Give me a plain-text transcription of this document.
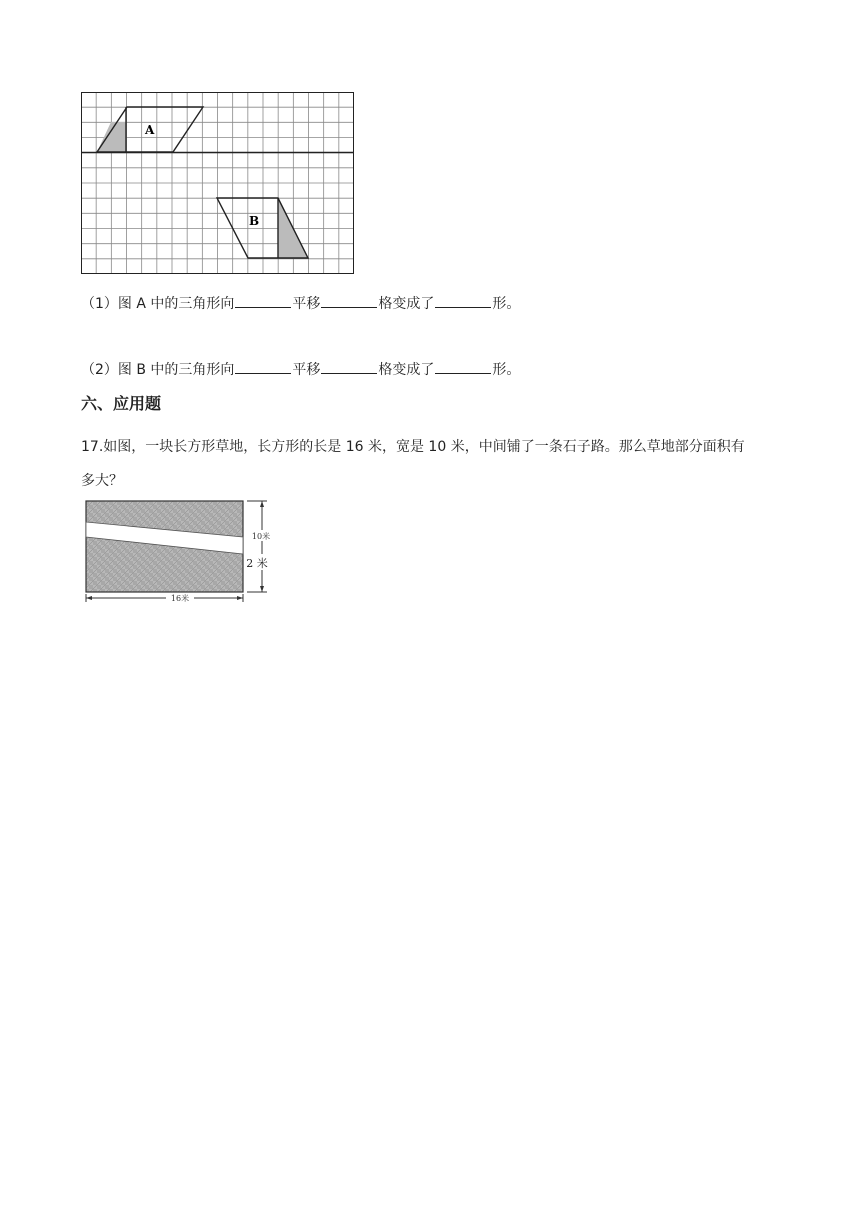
A
B
（1）图 A 中的三角形向	平移	格变成了	形。
（2）图 B 中的三角形向	平移	格变成了	形。
六、应用题
17.如图，一块长方形草地，长方形的长是 16 米，宽是 10 米，中间铺了一条石子路。那么草地部分面积有
多大？
16米
10米
2 米
